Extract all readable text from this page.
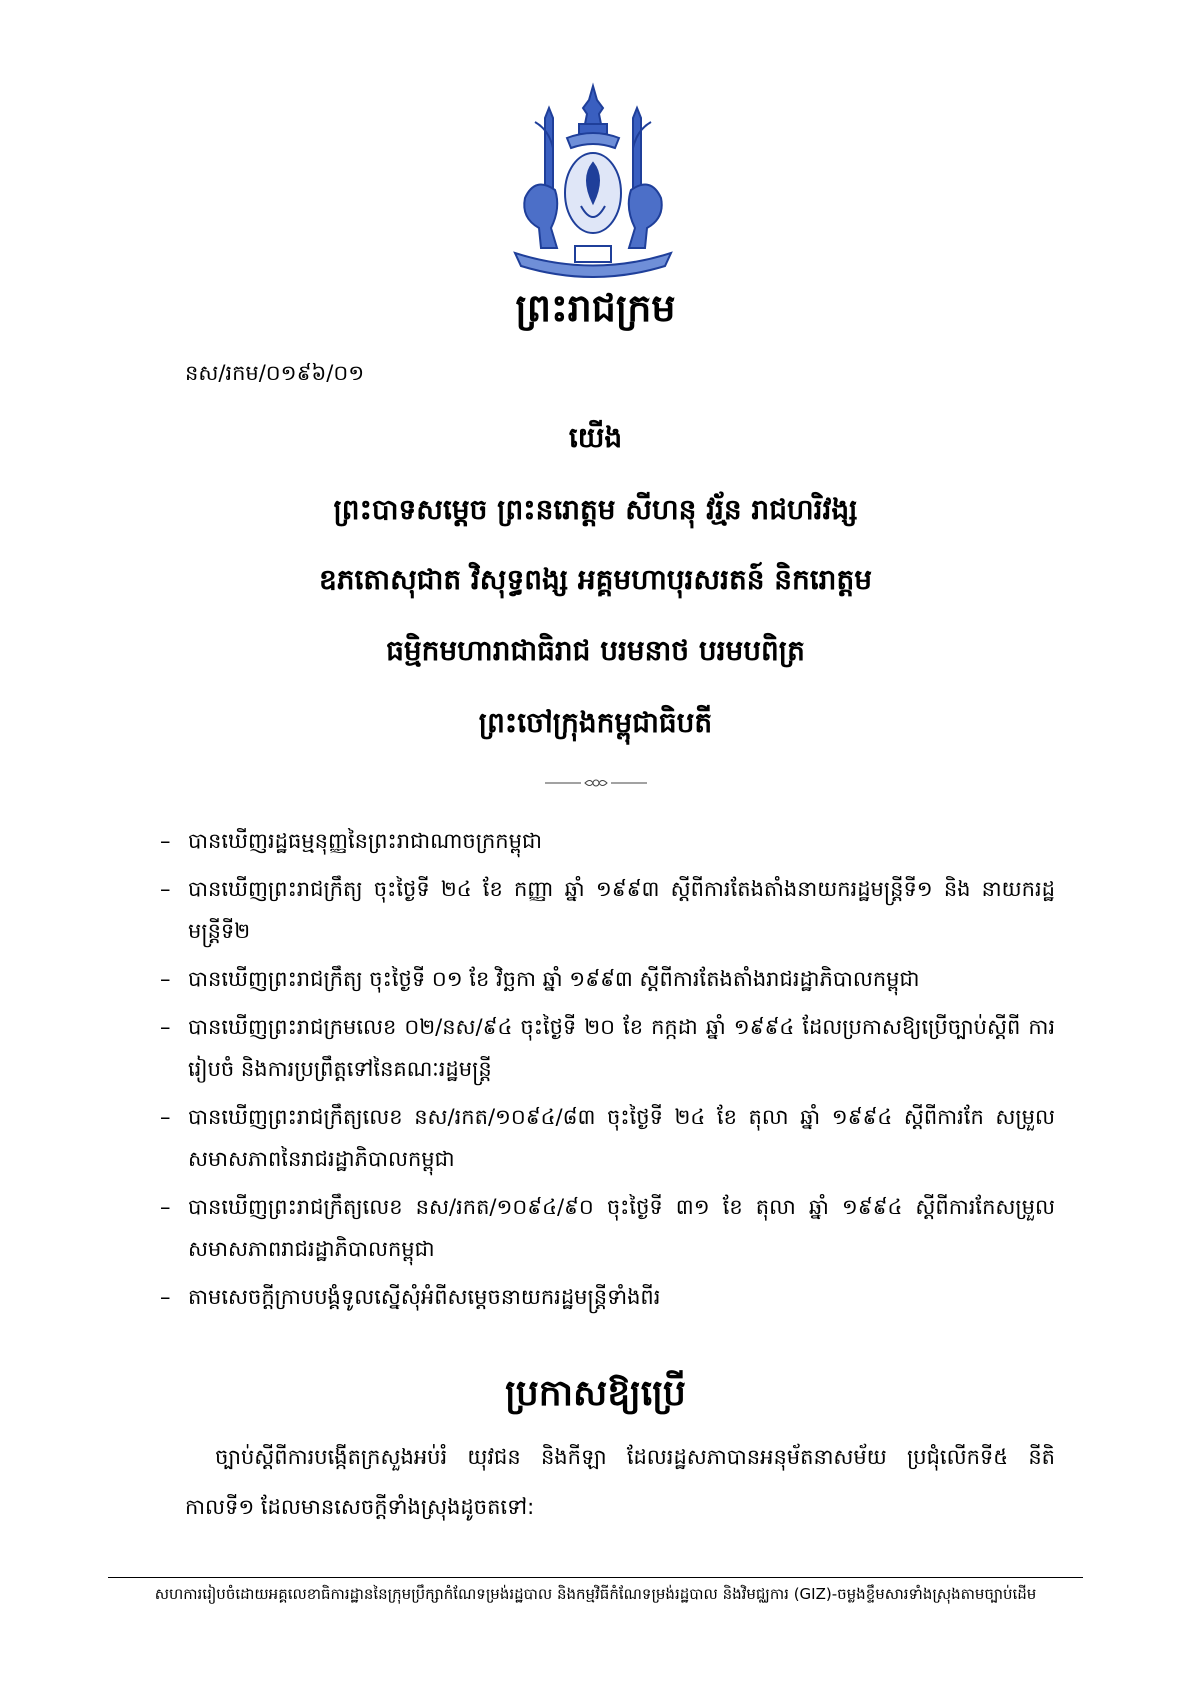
ព្រះរាជក្រម
នស/រកម/០១៩៦/០១
យើង
ព្រះបាទសម្តេច ព្រះនរោត្តម សីហនុ វរ្ម័ន រាជហរិវង្ស
ឧភតោសុជាត វិសុទ្ធពង្ស អគ្គមហាបុរសរតន៍ និករោត្តម
ធម្មិកមហារាជាធិរាជ បរមនាថ បរមបពិត្រ
ព្រះចៅក្រុងកម្ពុជាធិបតី
– បានឃើញរដ្ឋធម្មនុញ្ញនៃព្រះរាជាណាចក្រកម្ពុជា
– បានឃើញព្រះរាជក្រឹត្យ ចុះថ្ងៃទី ២៤ ខែ កញ្ញា ឆ្នាំ ១៩៩៣ ស្តីពីការតែងតាំងនាយករដ្ឋមន្ត្រីទី១ និង នាយករដ្ឋមន្ត្រីទី២
– បានឃើញព្រះរាជក្រឹត្យ ចុះថ្ងៃទី ០១ ខែ វិច្ឆកា ឆ្នាំ ១៩៩៣ ស្តីពីការតែងតាំងរាជរដ្ឋាភិបាលកម្ពុជា
– បានឃើញព្រះរាជក្រមលេខ ០២/នស/៩៤ ចុះថ្ងៃទី ២០ ខែ កក្កដា ឆ្នាំ ១៩៩៤ ដែលប្រកាសឱ្យប្រើច្បាប់ស្តីពី ការរៀបចំ និងការប្រព្រឹត្តទៅនៃគណៈរដ្ឋមន្ត្រី
– បានឃើញព្រះរាជក្រឹត្យលេខ នស/រកត/១០៩៤/៨៣ ចុះថ្ងៃទី ២៤ ខែ តុលា ឆ្នាំ ១៩៩៤ ស្តីពីការកែ សម្រួលសមាសភាពនៃរាជរដ្ឋាភិបាលកម្ពុជា
– បានឃើញព្រះរាជក្រឹត្យលេខ នស/រកត/១០៩៤/៩០ ចុះថ្ងៃទី ៣១ ខែ តុលា ឆ្នាំ ១៩៩៤ ស្តីពីការកែសម្រួល សមាសភាពរាជរដ្ឋាភិបាលកម្ពុជា
– តាមសេចក្តីក្រាបបង្គំទូលស្នើសុំអំពីសម្តេចនាយករដ្ឋមន្ត្រីទាំងពីរ
ប្រកាសឱ្យប្រើ

ច្បាប់ស្តីពីការបង្កើតក្រសួងអប់រំ យុវជន និងកីឡា ដែលរដ្ឋសភាបានអនុម័តនាសម័យ ប្រជុំលើកទី៥ នីតិកាលទី១ ដែលមានសេចក្តីទាំងស្រុងដូចតទៅ:

សហការរៀបចំដោយអគ្គលេខាធិការដ្ឋាននៃក្រុមប្រឹក្សាកំណែទម្រង់រដ្ឋបាល និងកម្មវិធីកំណែទម្រង់រដ្ឋបាល និងវិមជ្ឈការ (GIZ)-ចម្លងខ្ទឹមសារទាំងស្រុងតាមច្បាប់ដើម
